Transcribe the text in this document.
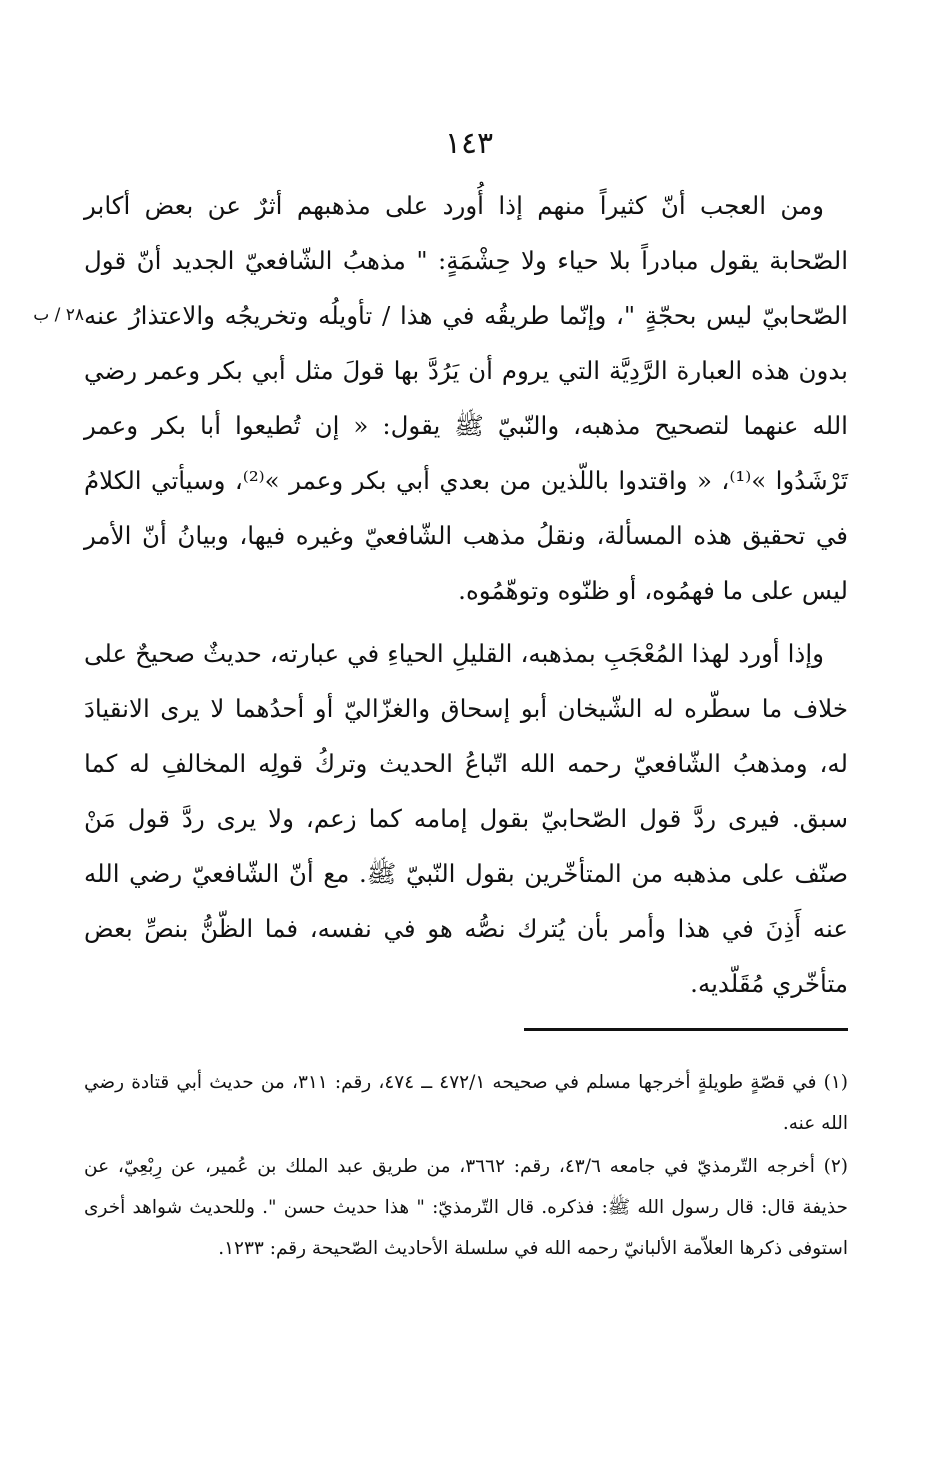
١٤٣
٢٨ / ب

ومن العجب أنّ كثيراً منهم إذا أُورد على مذهبهم أثرٌ عن بعض أكابر الصّحابة يقول مبادراً بلا حياء ولا حِشْمَةٍ: " مذهبُ الشّافعيّ الجديد أنّ قول الصّحابيّ ليس بحجّةٍ "، وإنّما طريقُه في هذا / تأويلُه وتخريجُه والاعتذارُ عنه بدون هذه العبارة الرَّدِيَّة التي يروم أن يَرُدَّ بها قولَ مثل أبي بكر وعمر رضي الله عنهما لتصحيح مذهبه، والنّبيّ ﷺ يقول: « إن تُطيعوا أبا بكر وعمر تَرْشَدُوا »⁽¹⁾، « واقتدوا باللّذين من بعدي أبي بكر وعمر »⁽²⁾، وسيأتي الكلامُ في تحقيق هذه المسألة، ونقلُ مذهب الشّافعيّ وغيره فيها، وبيانُ أنّ الأمر ليس على ما فهمُوه، أو ظنّوه وتوهّمُوه.

وإذا أورد لهذا المُعْجَبِ بمذهبه، القليلِ الحياءِ في عبارته، حديثٌ صحيحٌ على خلاف ما سطّره له الشّيخان أبو إسحاق والغزّاليّ أو أحدُهما لا يرى الانقيادَ له، ومذهبُ الشّافعيّ رحمه الله اتّباعُ الحديث وتركُ قولِه المخالفِ له كما سبق. فيرى ردَّ قول الصّحابيّ بقول إمامه كما زعم، ولا يرى ردَّ قول مَنْ صنّف على مذهبه من المتأخّرين بقول النّبيّ ﷺ. مع أنّ الشّافعيّ رضي الله عنه أَذِنَ في هذا وأمر بأن يُترك نصُّه هو في نفسه، فما الظّنُّ بنصِّ بعض متأخّري مُقَلّديه.

(١) في قصّةٍ طويلةٍ أخرجها مسلم في صحيحه ٤٧٢/١ ــ ٤٧٤، رقم: ٣١١، من حديث أبي قتادة رضي الله عنه.

(٢) أخرجه التّرمذيّ في جامعه ٤٣/٦، رقم: ٣٦٦٢، من طريق عبد الملك بن عُمير، عن رِبْعِيّ، عن حذيفة قال: قال رسول الله ﷺ: فذكره. قال التّرمذيّ: " هذا حديث حسن ". وللحديث شواهد أخرى استوفى ذكرها العلاّمة الألبانيّ رحمه الله في سلسلة الأحاديث الصّحيحة رقم: ١٢٣٣.
